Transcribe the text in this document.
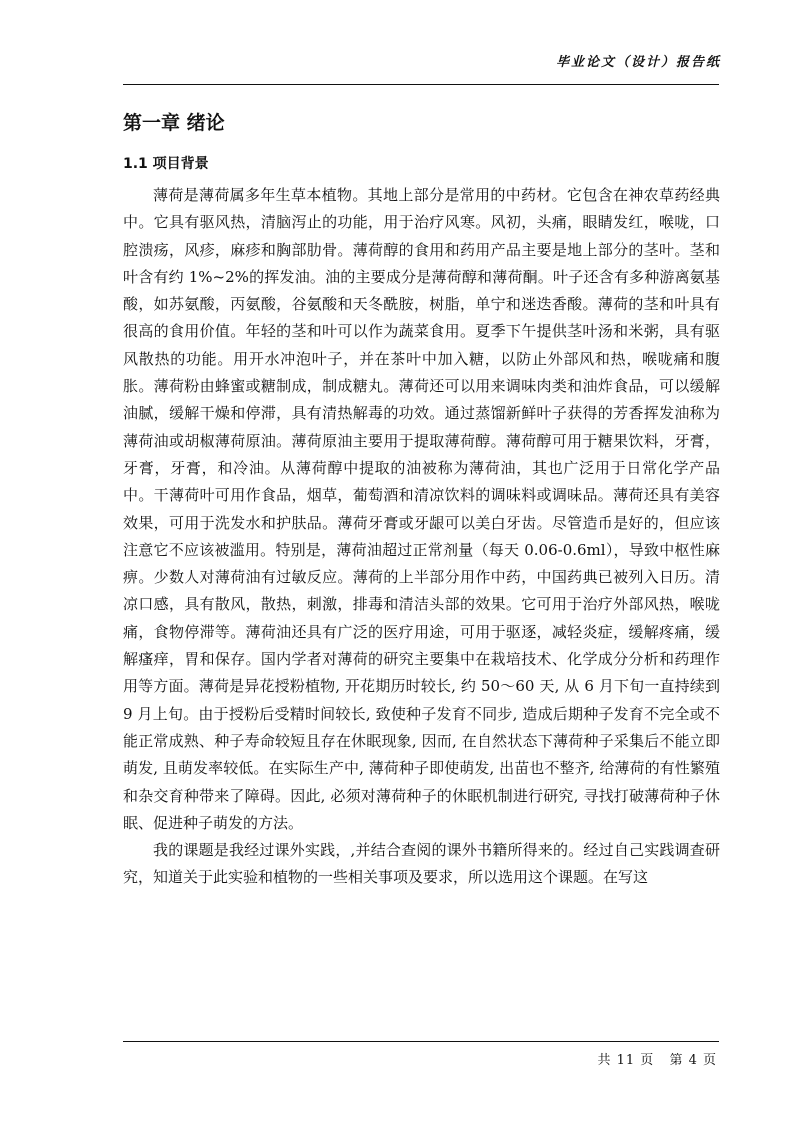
毕业论文（设计）报告纸
第一章 绪论
1.1 项目背景

薄荷是薄荷属多年生草本植物。其地上部分是常用的中药材。它包含在神农草药经典中。它具有驱风热，清脑泻止的功能，用于治疗风寒。风初，头痛，眼睛发红，喉咙，口腔溃疡，风疹，麻疹和胸部肋骨。薄荷醇的食用和药用产品主要是地上部分的茎叶。茎和叶含有约 1%~2%的挥发油。油的主要成分是薄荷醇和薄荷酮。叶子还含有多种游离氨基酸，如苏氨酸，丙氨酸，谷氨酸和天冬酰胺，树脂，单宁和迷迭香酸。薄荷的茎和叶具有很高的食用价值。年轻的茎和叶可以作为蔬菜食用。夏季下午提供茎叶汤和米粥，具有驱风散热的功能。用开水冲泡叶子，并在茶叶中加入糖，以防止外部风和热，喉咙痛和腹胀。薄荷粉由蜂蜜或糖制成，制成糖丸。薄荷还可以用来调味肉类和油炸食品，可以缓解油腻，缓解干燥和停滞，具有清热解毒的功效。通过蒸馏新鲜叶子获得的芳香挥发油称为薄荷油或胡椒薄荷原油。薄荷原油主要用于提取薄荷醇。薄荷醇可用于糖果饮料，牙膏，牙膏，牙膏，和冷油。从薄荷醇中提取的油被称为薄荷油，其也广泛用于日常化学产品中。干薄荷叶可用作食品，烟草，葡萄酒和清凉饮料的调味料或调味品。薄荷还具有美容效果，可用于洗发水和护肤品。薄荷牙膏或牙龈可以美白牙齿。尽管造币是好的，但应该注意它不应该被滥用。特别是，薄荷油超过正常剂量（每天 0.06-0.6ml），导致中枢性麻痹。少数人对薄荷油有过敏反应。薄荷的上半部分用作中药，中国药典已被列入日历。清凉口感，具有散风，散热，刺激，排毒和清洁头部的效果。它可用于治疗外部风热，喉咙痛，食物停滞等。薄荷油还具有广泛的医疗用途，可用于驱逐，减轻炎症，缓解疼痛，缓解瘙痒，胃和保存。国内学者对薄荷的研究主要集中在栽培技术、化学成分分析和药理作用等方面。薄荷是异花授粉植物, 开花期历时较长, 约 50～60 天, 从 6 月下旬一直持续到 9 月上旬。由于授粉后受精时间较长, 致使种子发育不同步, 造成后期种子发育不完全或不能正常成熟、种子寿命较短且存在休眠现象, 因而, 在自然状态下薄荷种子采集后不能立即萌发, 且萌发率较低。在实际生产中, 薄荷种子即使萌发, 出苗也不整齐, 给薄荷的有性繁殖和杂交育种带来了障碍。因此, 必须对薄荷种子的休眠机制进行研究, 寻找打破薄荷种子休眠、促进种子萌发的方法。

我的课题是我经过课外实践，,并结合查阅的课外书籍所得来的。经过自己实践调查研究，知道关于此实验和植物的一些相关事项及要求，所以选用这个课题。在写这

共 11 页 第 4 页
